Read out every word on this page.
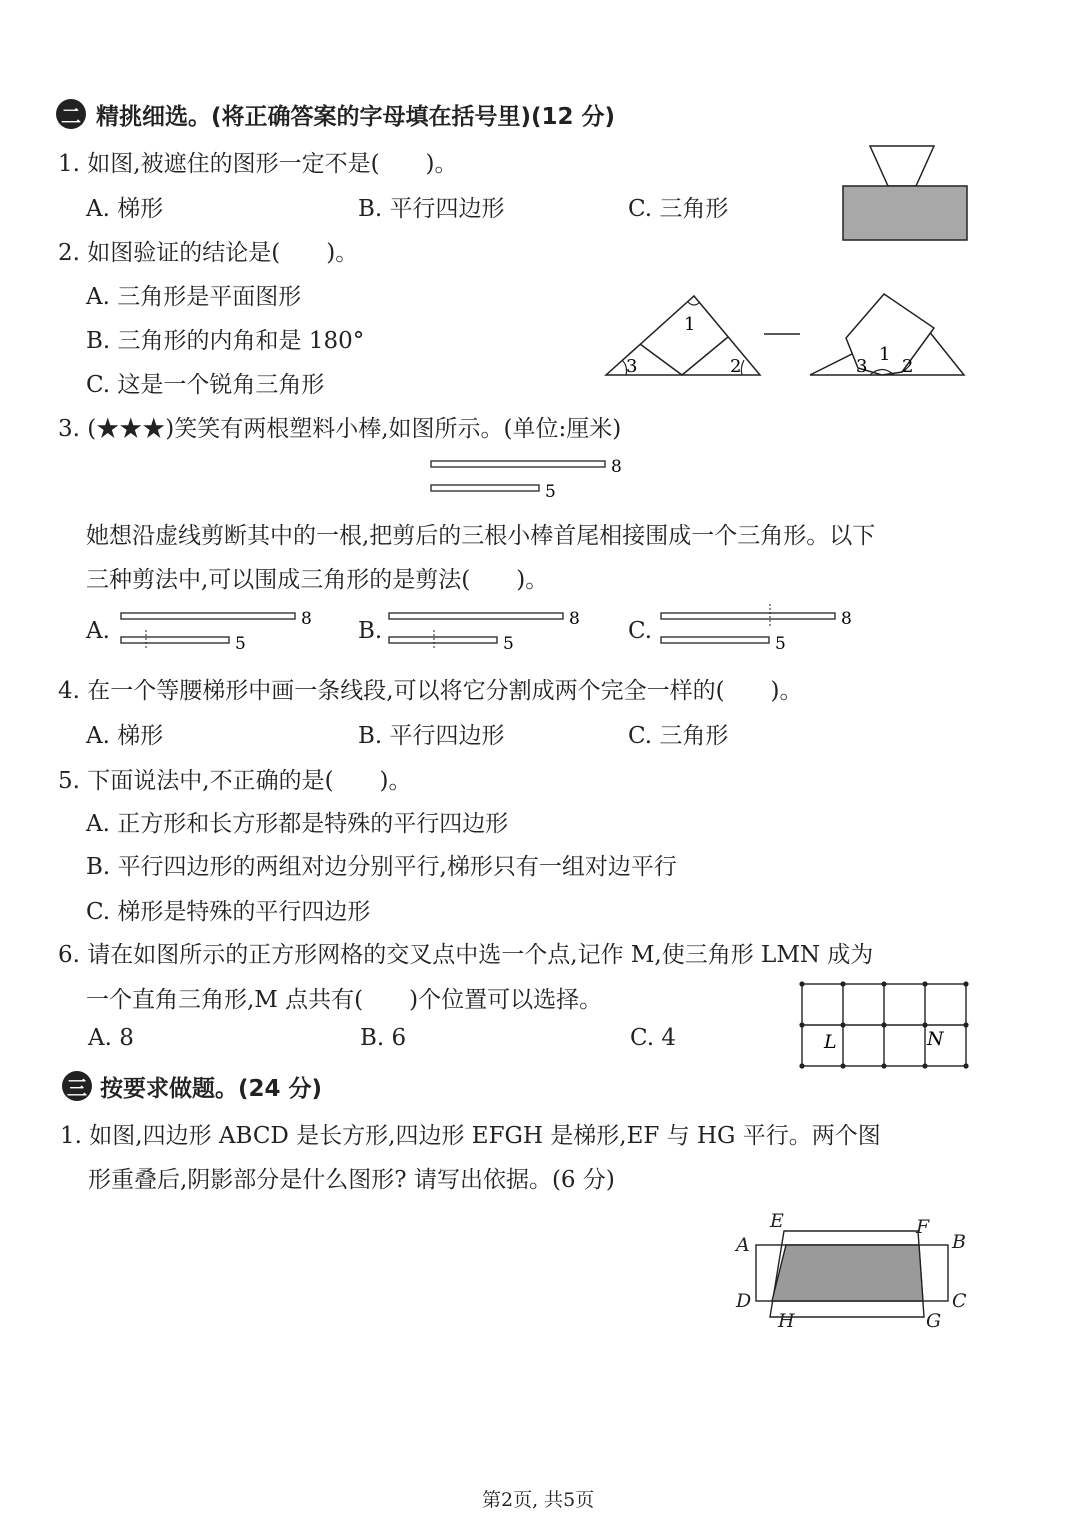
二 精挑细选。(将正确答案的字母填在括号里)(12 分)
1. 如图,被遮住的图形一定不是(　　)。
A. 梯形	B. 平行四边形	C. 三角形
2. 如图验证的结论是(　　)。
A. 三角形是平面图形
B. 三角形的内角和是 180°
C. 这是一个锐角三角形
1
3	2	3
1
2
3. (★★★)笑笑有两根塑料小棒,如图所示。(单位:厘米)
8
5
她想沿虚线剪断其中的一根,把剪后的三根小棒首尾相接围成一个三角形。以下
三种剪法中,可以围成三角形的是剪法(　　)。
A.	8
5	B.	8
5	C.	8
5
4. 在一个等腰梯形中画一条线段,可以将它分割成两个完全一样的(　　)。
A. 梯形	B. 平行四边形	C. 三角形
5. 下面说法中,不正确的是(　　)。
A. 正方形和长方形都是特殊的平行四边形
B. 平行四边形的两组对边分别平行,梯形只有一组对边平行
C. 梯形是特殊的平行四边形
6. 请在如图所示的正方形网格的交叉点中选一个点,记作 M,使三角形 LMN 成为
一个直角三角形,M 点共有(　　)个位置可以选择。
A. 8	B. 6	C. 4	L	N
三 按要求做题。(24 分)
1. 如图,四边形 ABCD 是长方形,四边形 EFGH 是梯形,EF 与 HG 平行。两个图
形重叠后,阴影部分是什么图形? 请写出依据。(6 分)
A	B
C
D
E	F
G
H
第2页, 共5页
